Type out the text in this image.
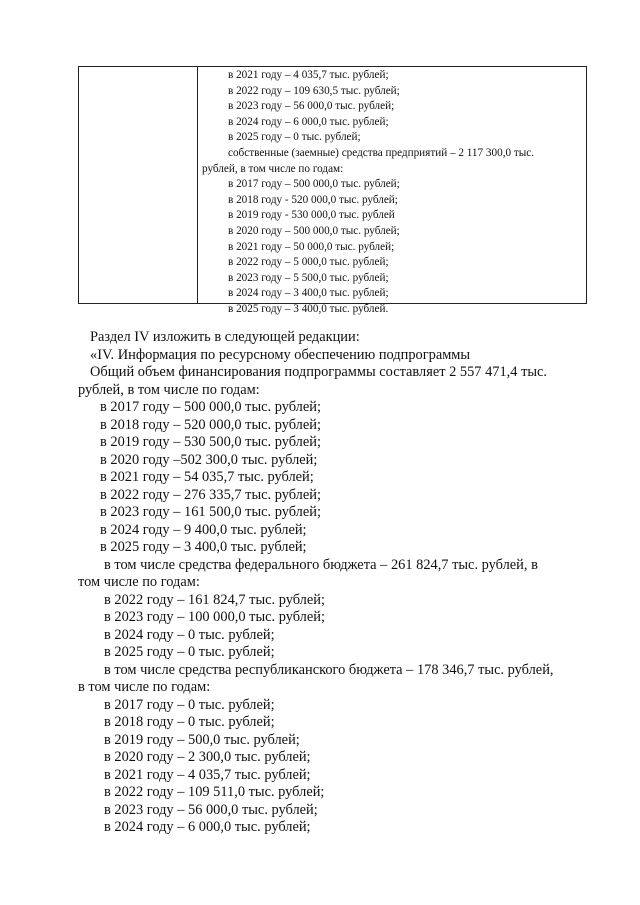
в 2021 году – 4 035,7 тыс. рублей;
в 2022 году – 109 630,5 тыс. рублей;
в 2023 году – 56 000,0 тыс. рублей;
в 2024 году – 6 000,0 тыс. рублей;
в 2025 году – 0 тыс. рублей;
собственные (заемные) средства предприятий – 2 117 300,0 тыс.
рублей, в том числе по годам:
в 2017 году – 500 000,0 тыс. рублей;
в 2018 году - 520 000,0 тыс. рублей;
в 2019 году - 530 000,0 тыс. рублей
в 2020 году – 500 000,0 тыс. рублей;
в 2021 году – 50 000,0 тыс. рублей;
в 2022 году – 5 000,0 тыс. рублей;
в 2023 году – 5 500,0 тыс. рублей;
в 2024 году – 3 400,0 тыс. рублей;
в 2025 году – 3 400,0 тыс. рублей.
Раздел IV изложить в следующей редакции:
«IV. Информация по ресурсному обеспечению подпрограммы
Общий объем финансирования подпрограммы составляет 2 557 471,4 тыс.
рублей, в том числе по годам:
в 2017 году – 500 000,0 тыс. рублей;
в 2018 году – 520 000,0 тыс. рублей;
в 2019 году – 530 500,0 тыс. рублей;
в 2020 году –502 300,0 тыс. рублей;
в 2021 году – 54 035,7 тыс. рублей;
в 2022 году – 276 335,7 тыс. рублей;
в 2023 году – 161 500,0 тыс. рублей;
в 2024 году – 9 400,0 тыс. рублей;
в 2025 году – 3 400,0 тыс. рублей;
в том числе средства федерального бюджета – 261 824,7 тыс. рублей, в
том числе по годам:
в 2022 году – 161 824,7 тыс. рублей;
в 2023 году – 100 000,0 тыс. рублей;
в 2024 году – 0 тыс. рублей;
в 2025 году – 0 тыс. рублей;
в том числе средства республиканского бюджета – 178 346,7 тыс. рублей,
в том числе по годам:
в 2017 году – 0 тыс. рублей;
в 2018 году – 0 тыс. рублей;
в 2019 году – 500,0 тыс. рублей;
в 2020 году – 2 300,0 тыс. рублей;
в 2021 году – 4 035,7 тыс. рублей;
в 2022 году – 109 511,0 тыс. рублей;
в 2023 году – 56 000,0 тыс. рублей;
в 2024 году – 6 000,0 тыс. рублей;
